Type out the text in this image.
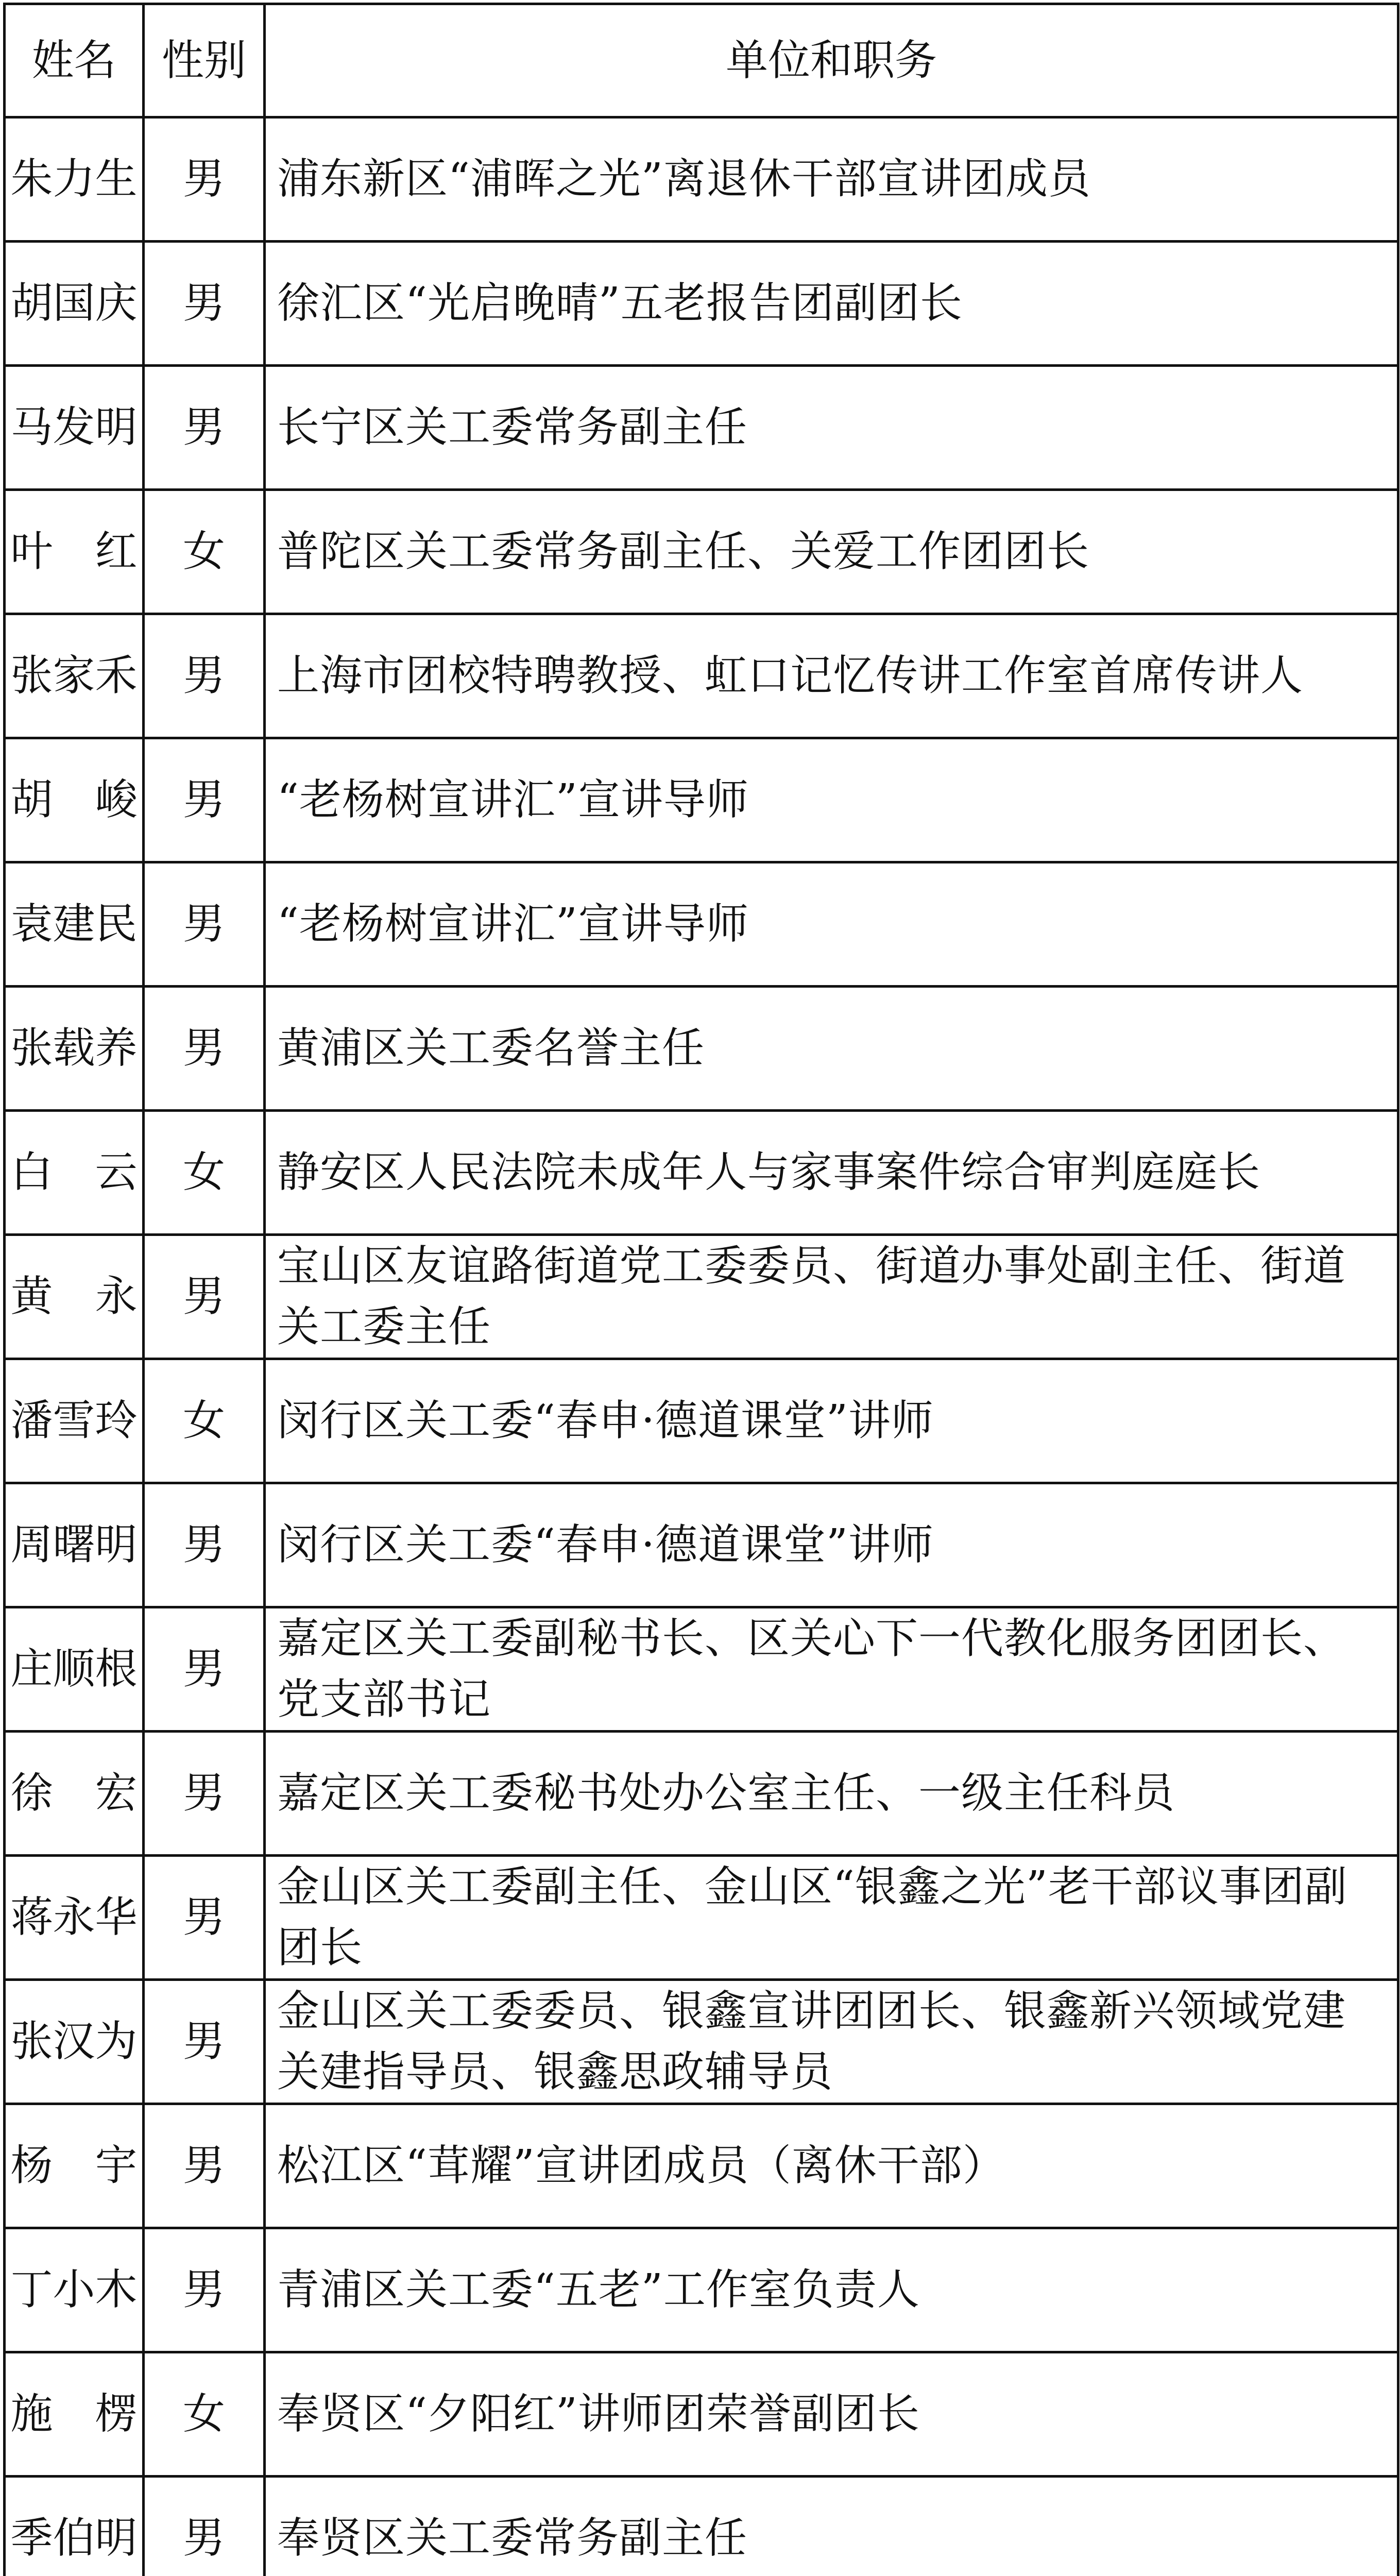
姓名	性别	单位和职务
朱力生	男	浦东新区“浦晖之光”离退休干部宣讲团成员
胡国庆	男	徐汇区“光启晚晴”五老报告团副团长
马发明	男	长宁区关工委常务副主任
叶　红	女	普陀区关工委常务副主任、关爱工作团团长
张家禾	男	上海市团校特聘教授、虹口记忆传讲工作室首席传讲人
胡　峻	男	“老杨树宣讲汇”宣讲导师
袁建民	男	“老杨树宣讲汇”宣讲导师
张载养	男	黄浦区关工委名誉主任
白　云	女	静安区人民法院未成年人与家事案件综合审判庭庭长
黄　永	男	宝山区友谊路街道党工委委员、街道办事处副主任、街道关工委主任
潘雪玲	女	闵行区关工委“春申·德道课堂”讲师
周曙明	男	闵行区关工委“春申·德道课堂”讲师
庄顺根	男	嘉定区关工委副秘书长、区关心下一代教化服务团团长、党支部书记
徐　宏	男	嘉定区关工委秘书处办公室主任、一级主任科员
蒋永华	男	金山区关工委副主任、金山区“银鑫之光”老干部议事团副团长
张汉为	男	金山区关工委委员、银鑫宣讲团团长、银鑫新兴领域党建关建指导员、银鑫思政辅导员
杨　宇	男	松江区“茸耀”宣讲团成员（离休干部）
丁小木	男	青浦区关工委“五老”工作室负责人
施　楞	女	奉贤区“夕阳红”讲师团荣誉副团长
季伯明	男	奉贤区关工委常务副主任
